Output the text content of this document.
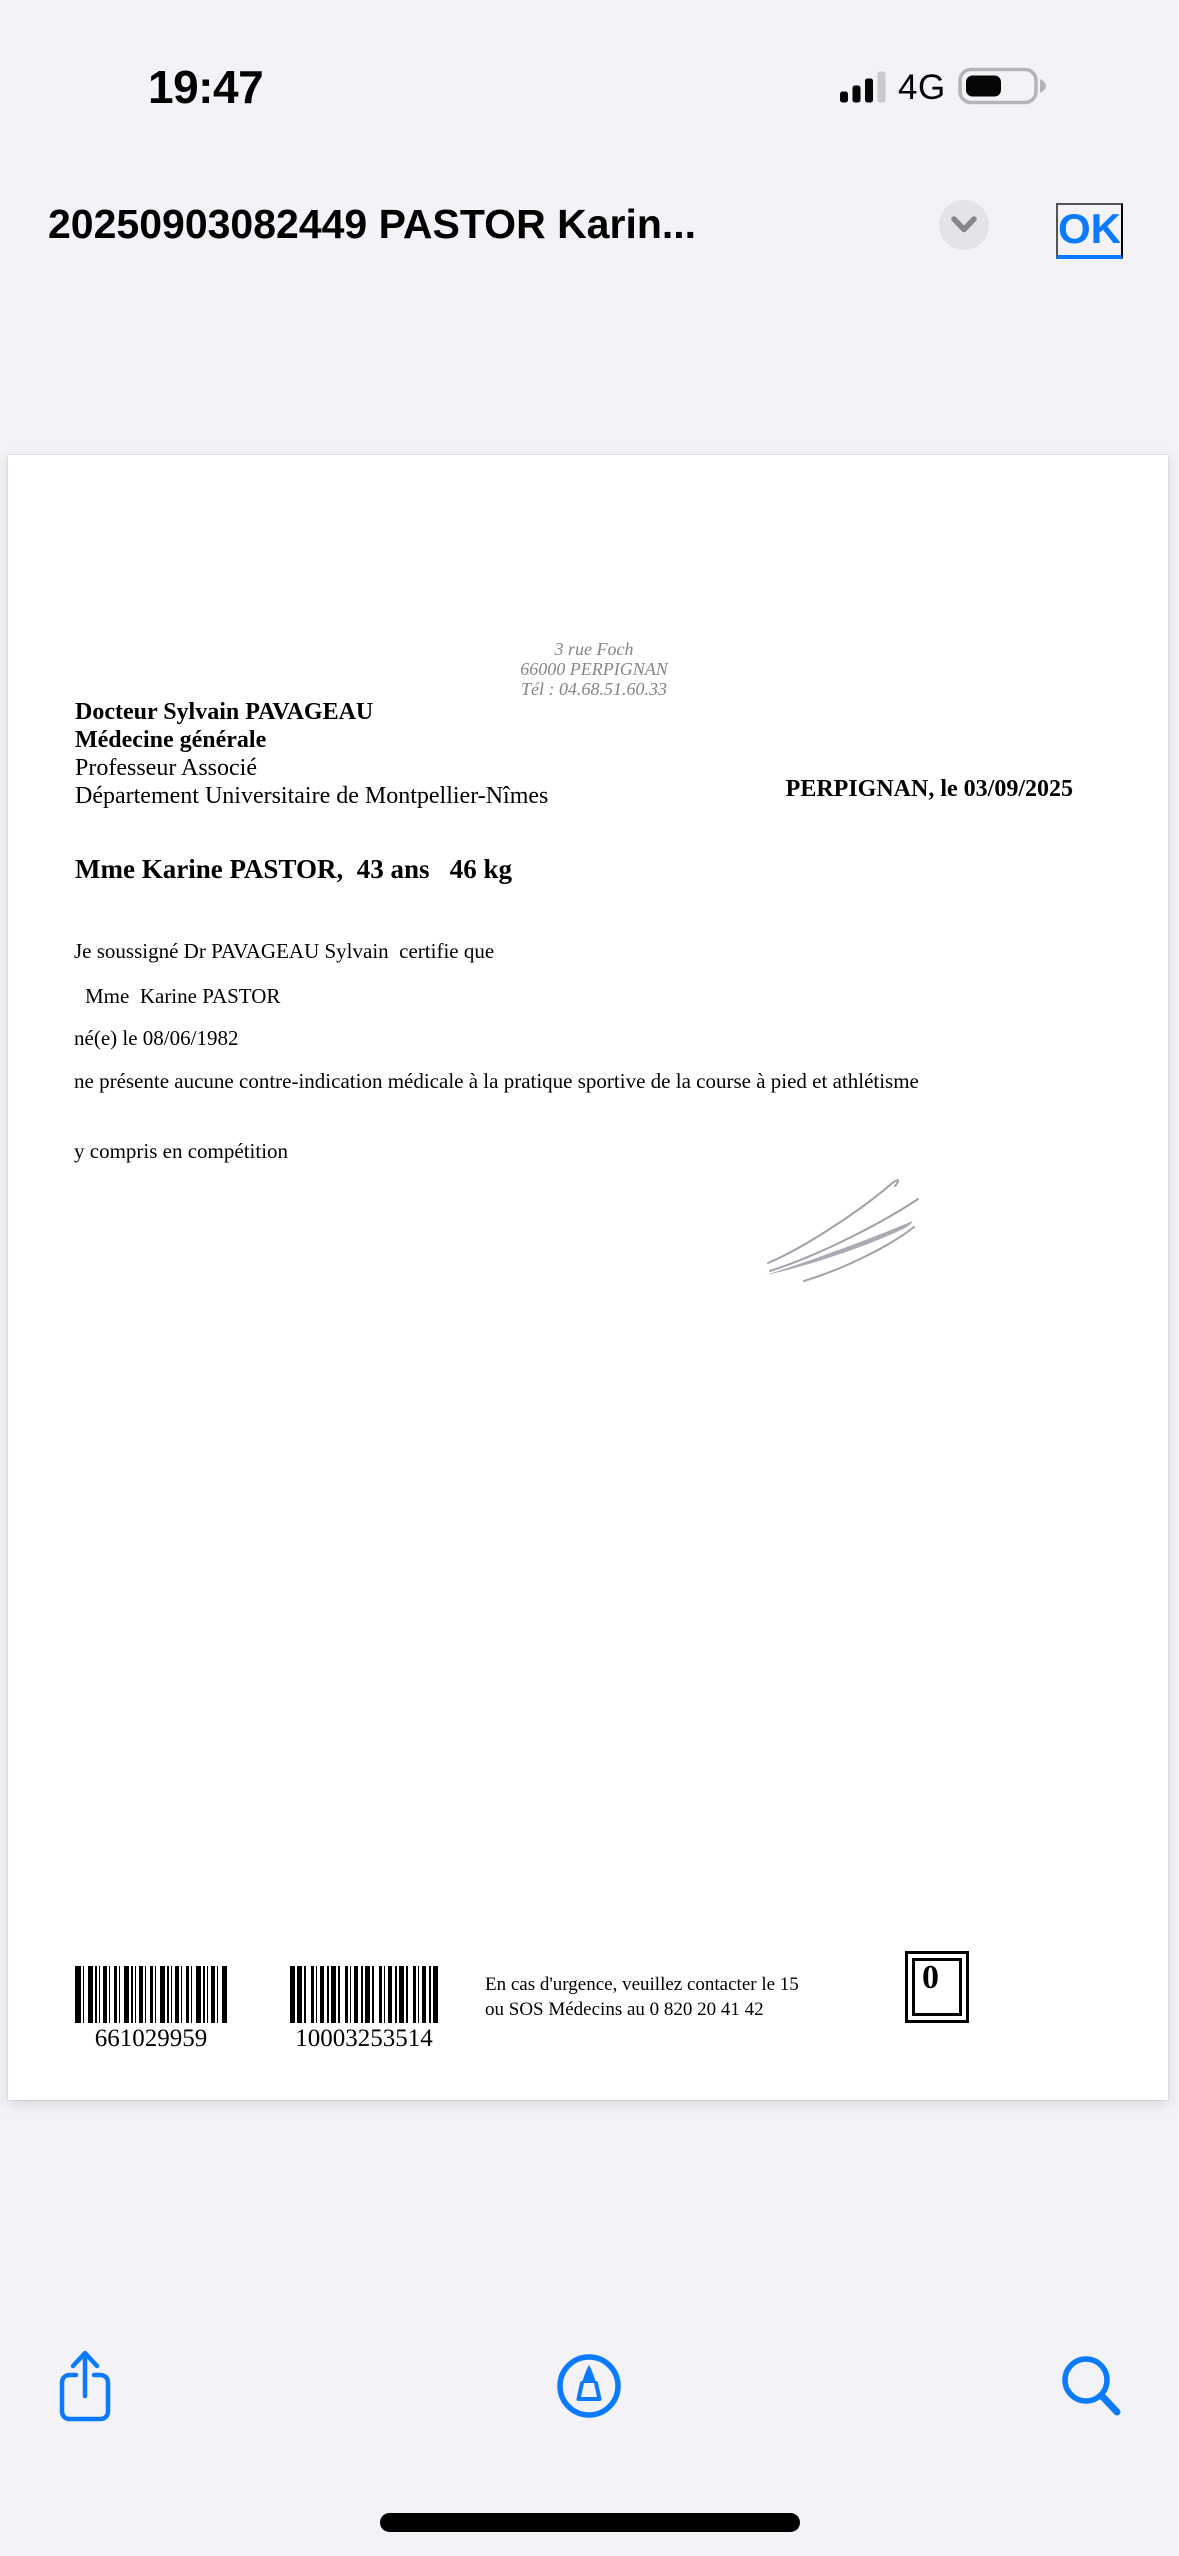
19:47	4G
20250903082449 PASTOR Karin...	OK
3 rue Foch
66000 PERPIGNAN
Tél : 04.68.51.60.33
Docteur Sylvain PAVAGEAU
Médecine générale
Professeur Associé
Département Universitaire de Montpellier-Nîmes	PERPIGNAN, le 03/09/2025
Mme Karine PASTOR,  43 ans   46 kg
Je soussigné Dr PAVAGEAU Sylvain  certifie que
Mme  Karine PASTOR
né(e) le 08/06/1982
ne présente aucune contre-indication médicale à la pratique sportive de la course à pied et athlétisme
y compris en compétition
661029959	10003253514
En cas d'urgence, veuillez contacter le 15
ou SOS Médecins au 0 820 20 41 42
0
